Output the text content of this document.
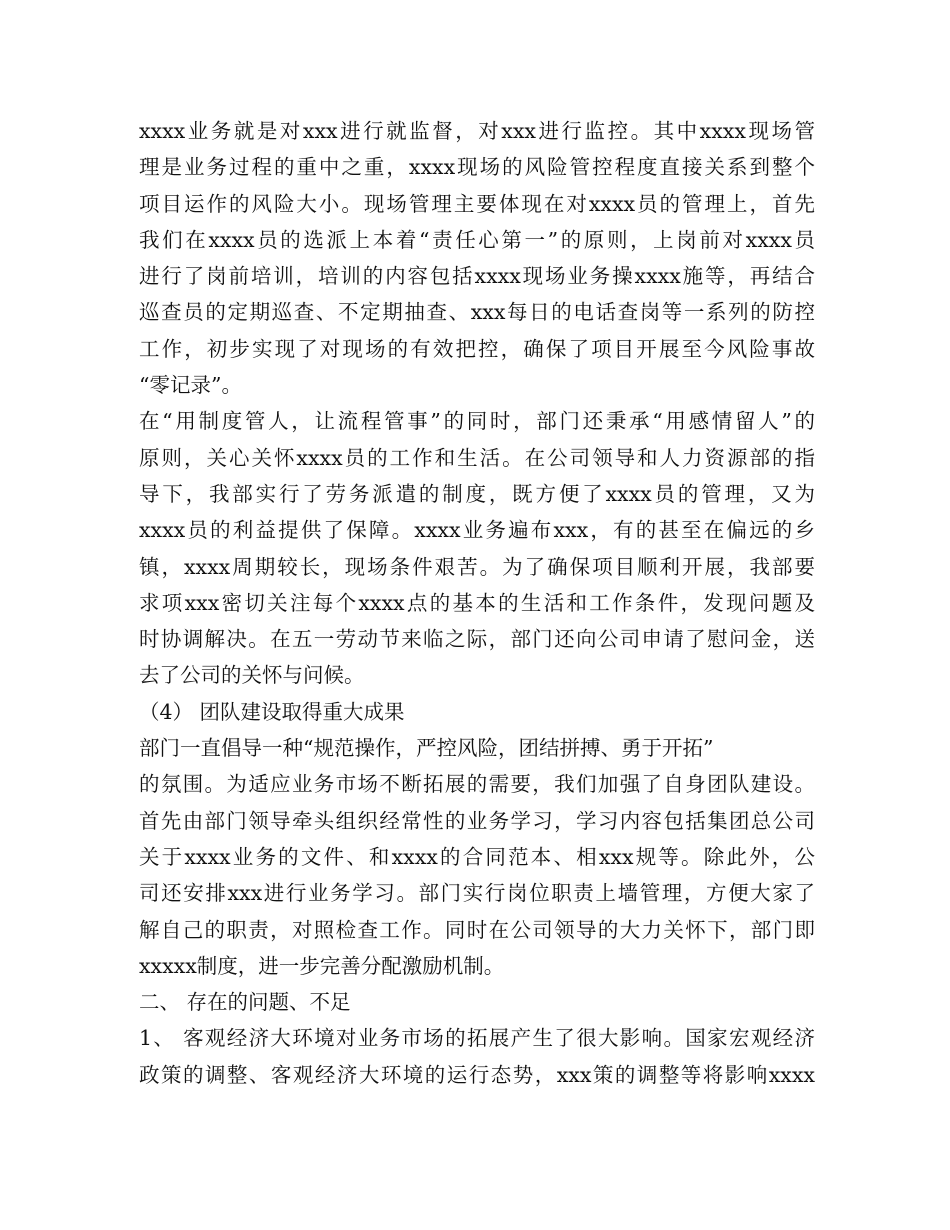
xxxx业务就是对xxx进行就监督，对xxx进行监控。其中xxxx现场管
理是业务过程的重中之重，xxxx现场的风险管控程度直接关系到整个
项目运作的风险大小。现场管理主要体现在对xxxx员的管理上，首先
我们在xxxx员的选派上本着“责任心第一”的原则，上岗前对xxxx员
进行了岗前培训，培训的内容包括xxxx现场业务操xxxx施等，再结合
巡查员的定期巡查、不定期抽查、xxx每日的电话查岗等一系列的防控
工作，初步实现了对现场的有效把控，确保了项目开展至今风险事故
“零记录”。
在“用制度管人，让流程管事”的同时，部门还秉承“用感情留人”的
原则，关心关怀xxxx员的工作和生活。在公司领导和人力资源部的指
导下，我部实行了劳务派遣的制度，既方便了xxxx员的管理，又为
xxxx员的利益提供了保障。xxxx业务遍布xxx，有的甚至在偏远的乡
镇，xxxx周期较长，现场条件艰苦。为了确保项目顺利开展，我部要
求项xxx密切关注每个xxxx点的基本的生活和工作条件，发现问题及
时协调解决。在五一劳动节来临之际，部门还向公司申请了慰问金，送
去了公司的关怀与问候。
（4） 团队建设取得重大成果
部门一直倡导一种“规范操作，严控风险，团结拼搏、勇于开拓”
的氛围。为适应业务市场不断拓展的需要，我们加强了自身团队建设。
首先由部门领导牵头组织经常性的业务学习，学习内容包括集团总公司
关于xxxx业务的文件、和xxxx的合同范本、相xxx规等。除此外，公
司还安排xxx进行业务学习。部门实行岗位职责上墙管理，方便大家了
解自己的职责，对照检查工作。同时在公司领导的大力关怀下，部门即
xxxxx制度，进一步完善分配激励机制。
二、 存在的问题、不足
1、 客观经济大环境对业务市场的拓展产生了很大影响。国家宏观经济
政策的调整、客观经济大环境的运行态势，xxx策的调整等将影响xxxx
